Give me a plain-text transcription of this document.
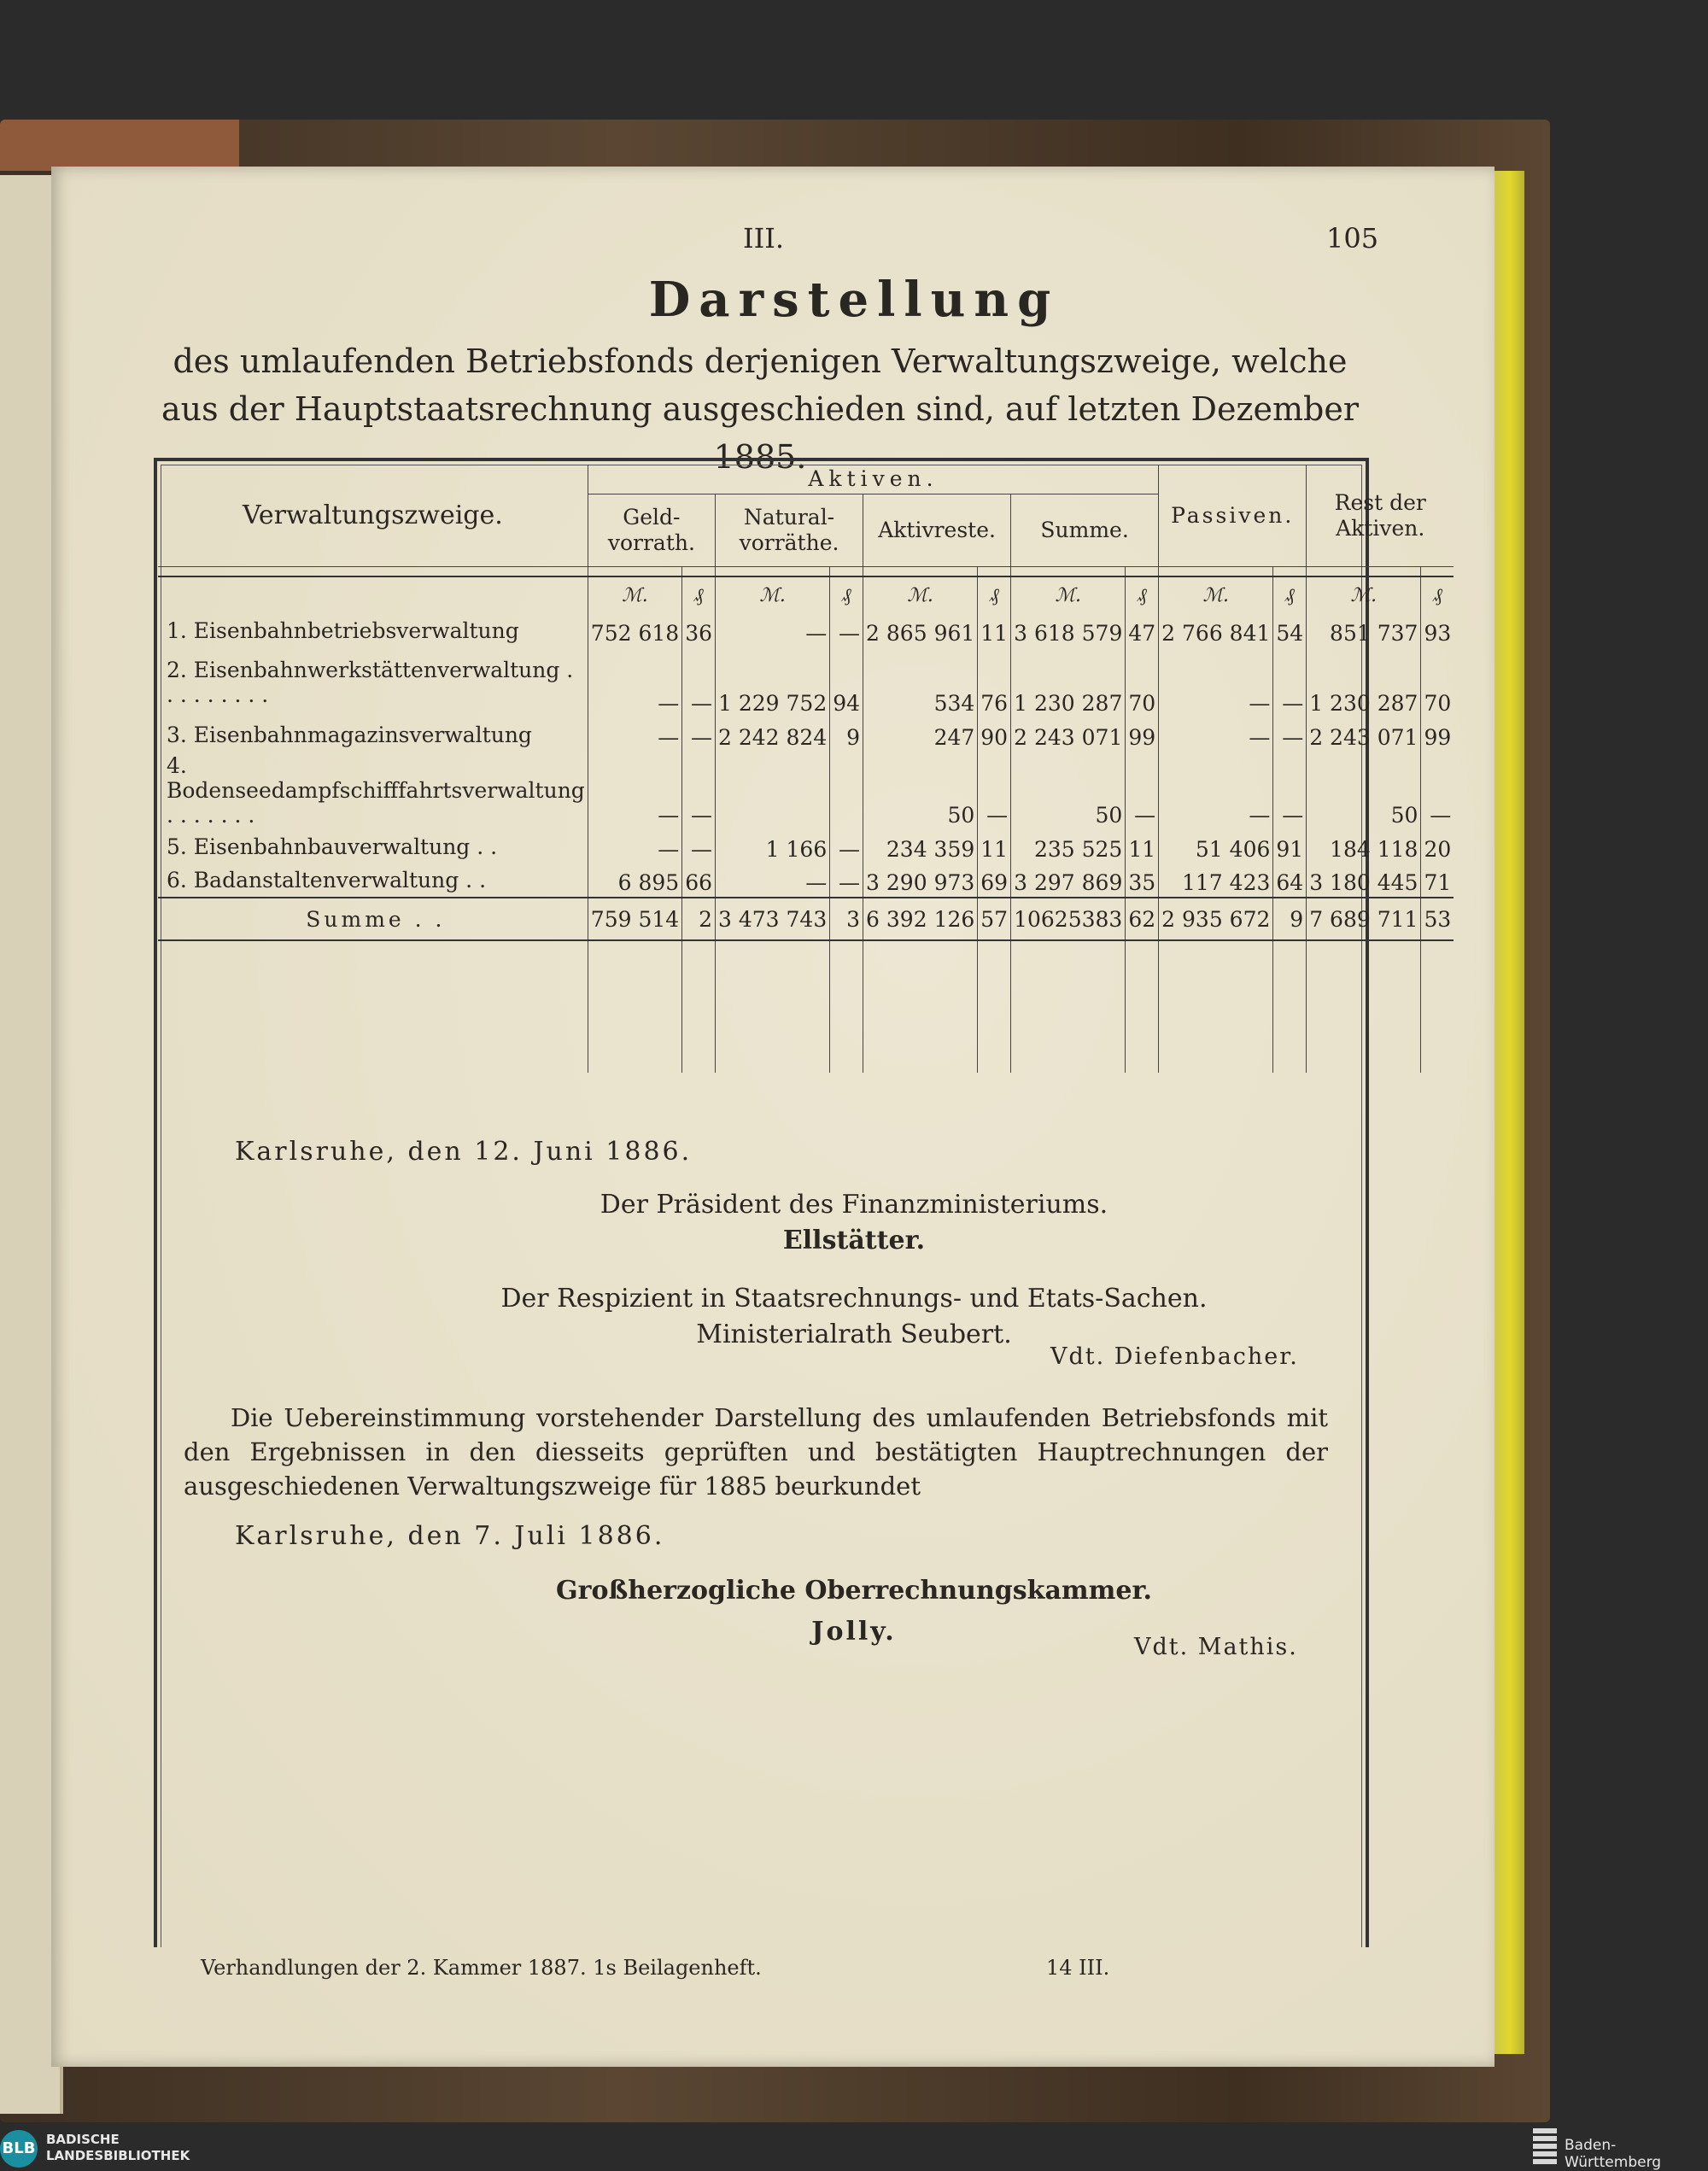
III.	105
Darstellung
des umlaufenden Betriebsfonds derjenigen Verwaltungszweige, welche aus der Hauptstaatsrechnung ausgeschieden sind, auf letzten Dezember 1885.
Verwaltungszweige.	Aktiven.								Passiven.		Rest der Aktiven.	
	Geld-vorrath.		Natural-vorräthe.		Aktivreste.		Summe.					

	ℳ.	₰	ℳ.	₰	ℳ.	₰	ℳ.	₰	ℳ.	₰	ℳ.	₰
1. Eisenbahnbetriebsverwaltung	752 618	36	—	—	2 865 961	11	3 618 579	47	2 766 841	54	851 737	93
2. Eisenbahnwerkstättenverwaltung . . . . . . . . .	—	—	1 229 752	94	534	76	1 230 287	70	—	—	1 230 287	70
3. Eisenbahnmagazinsverwaltung	—	—	2 242 824	9	247	90	2 243 071	99	—	—	2 243 071	99
4. Bodenseedampfschifffahrtsverwaltung . . . . . . .	—	—			50	—	50	—	—	—	50	—
5. Eisenbahnbauverwaltung . .	—	—	1 166	—	234 359	11	235 525	11	51 406	91	184 118	20
6. Badanstaltenverwaltung . .	6 895	66	—	—	3 290 973	69	3 297 869	35	117 423	64	3 180 445	71
Summe . .	759 514	2	3 473 743	3	6 392 126	57	10625383	62	2 935 672	9	7 689 711	53

Karlsruhe, den 12. Juni 1886.
Der Präsident des Finanzministeriums.
Ellstätter.
Der Respizient in Staatsrechnungs- und Etats-Sachen.
Ministerialrath Seubert.
Vdt. Diefenbacher.
Die Uebereinstimmung vorstehender Darstellung des umlaufenden Betriebsfonds mit den Ergebnissen in den diesseits geprüften und bestätigten Hauptrechnungen der ausgeschiedenen Verwaltungszweige für 1885 beurkundet
Karlsruhe, den 7. Juli 1886.
Großherzogliche Oberrechnungskammer.
Jolly.
Vdt. Mathis.
Verhandlungen der 2. Kammer 1887. 1s Beilagenheft.	14 III.
BLB BADISCHE
LANDESBIBLIOTHEK
Baden-Württemberg
